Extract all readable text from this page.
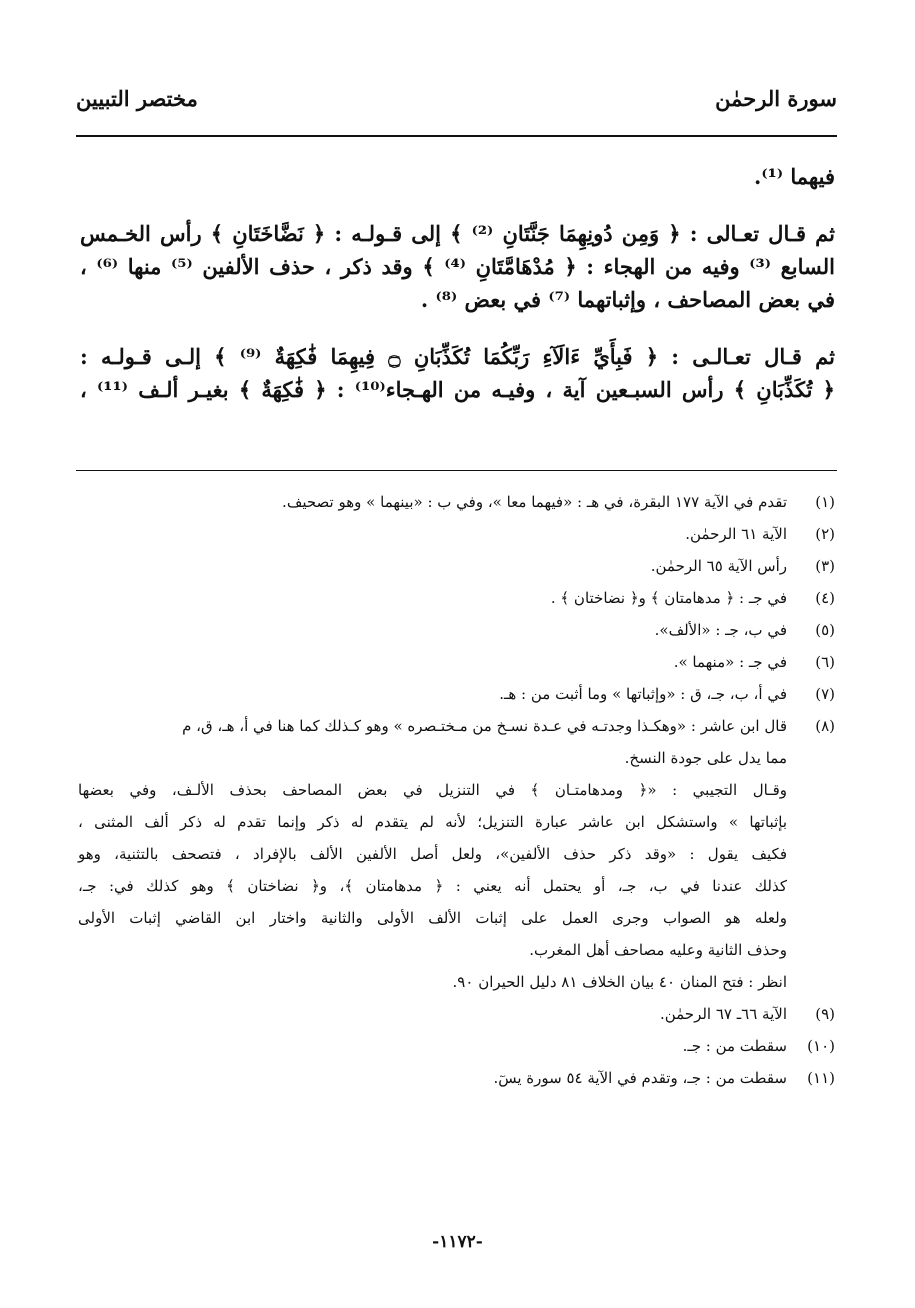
سورة الرحمٰن
مختصر التبيين
فيهما ⁽¹⁾.
ثم قـال تعـالى : ﴿ وَمِن دُونِهِمَا جَنَّتَانِ ⁽²⁾ ﴾ إلى قـولـه : ﴿ نَضَّاخَتَانِ ﴾ رأس الخـمس
السابع ⁽³⁾ وفيه من الهجاء : ﴿ مُدْهَامَّتَانِ ⁽⁴⁾ ﴾ وقد ذكر ، حذف الألفين ⁽⁵⁾ منها ⁽⁶⁾ ،
في بعض المصاحف ، وإثباتهما ⁽⁷⁾ في بعض ⁽⁸⁾ .
ثم قـال تعـالـى : ﴿ فَبِأَيِّ ءَالَآءِ رَبِّكُمَا تُكَذِّبَانِ ۝ فِيهِمَا فَٰكِهَةٌ ⁽⁹⁾ ﴾ إلـى قـولـه :
﴿ تُكَذِّبَانِ ﴾ رأس السبـعين آية ، وفيـه من الهـجاء⁽¹⁰⁾ : ﴿ فَٰكِهَةٌ ﴾ بغيـر ألـف ⁽¹¹⁾ ،
(١)تقدم في الآية ١٧٧ البقرة، في هـ : «فيهما معا »، وفي ب : «بينهما » وهو تصحيف.
(٢)الآية ٦١ الرحمٰن.
(٣)رأس الآية ٦٥ الرحمٰن.
(٤)في جـ : ﴿ مدهامتان ﴾ و﴿ نضاختان ﴾ .
(٥)في ب، جـ : «الألف».
(٦)في جـ : «منهما ».
(٧)في أ، ب، جـ، ق : «وإثباتها » وما أثبت من : هـ.
(٨)قال ابن عاشر : «وهكـذا وجدتـه في عـدة نسـخ من مـختـصره » وهو كـذلك كما هنا في أ، هـ، ق، م
مما يدل على جودة النسخ.
وقـال التجيبي : «﴿ ومدهامتـان ﴾ في التنزيل في بعض المصاحف بحذف الألـف، وفي بعضها
بإثباتها » واستشكل ابن عاشر عبارة التنزيل؛ لأنه لم يتقدم له ذكر وإنما تقدم له ذكر ألف المثنى ،
فكيف يقول : «وقد ذكر حذف الألفين»، ولعل أصل الألفين الألف بالإفراد ، فتصحف بالتثنية، وهو
كذلك عندنا في ب، جـ، أو يحتمل أنه يعني : ﴿ مدهامتان ﴾، و﴿ نضاختان ﴾ وهو كذلك في: جـ،
ولعله هو الصواب وجرى العمل على إثبات الألف الأولى والثانية واختار ابن القاضي إثبات الأولى
وحذف الثانية وعليه مصاحف أهل المغرب.
انظر : فتح المنان ٤٠ بيان الخلاف ٨١ دليل الحيران ٩٠.
(٩)الآية ٦٦ـ ٦٧ الرحمٰن.
(١٠)سقطت من : جـ.
(١١)سقطت من : جـ، وتقدم في الآية ٥٤ سورة يسٓ.
-١١٧٢-
